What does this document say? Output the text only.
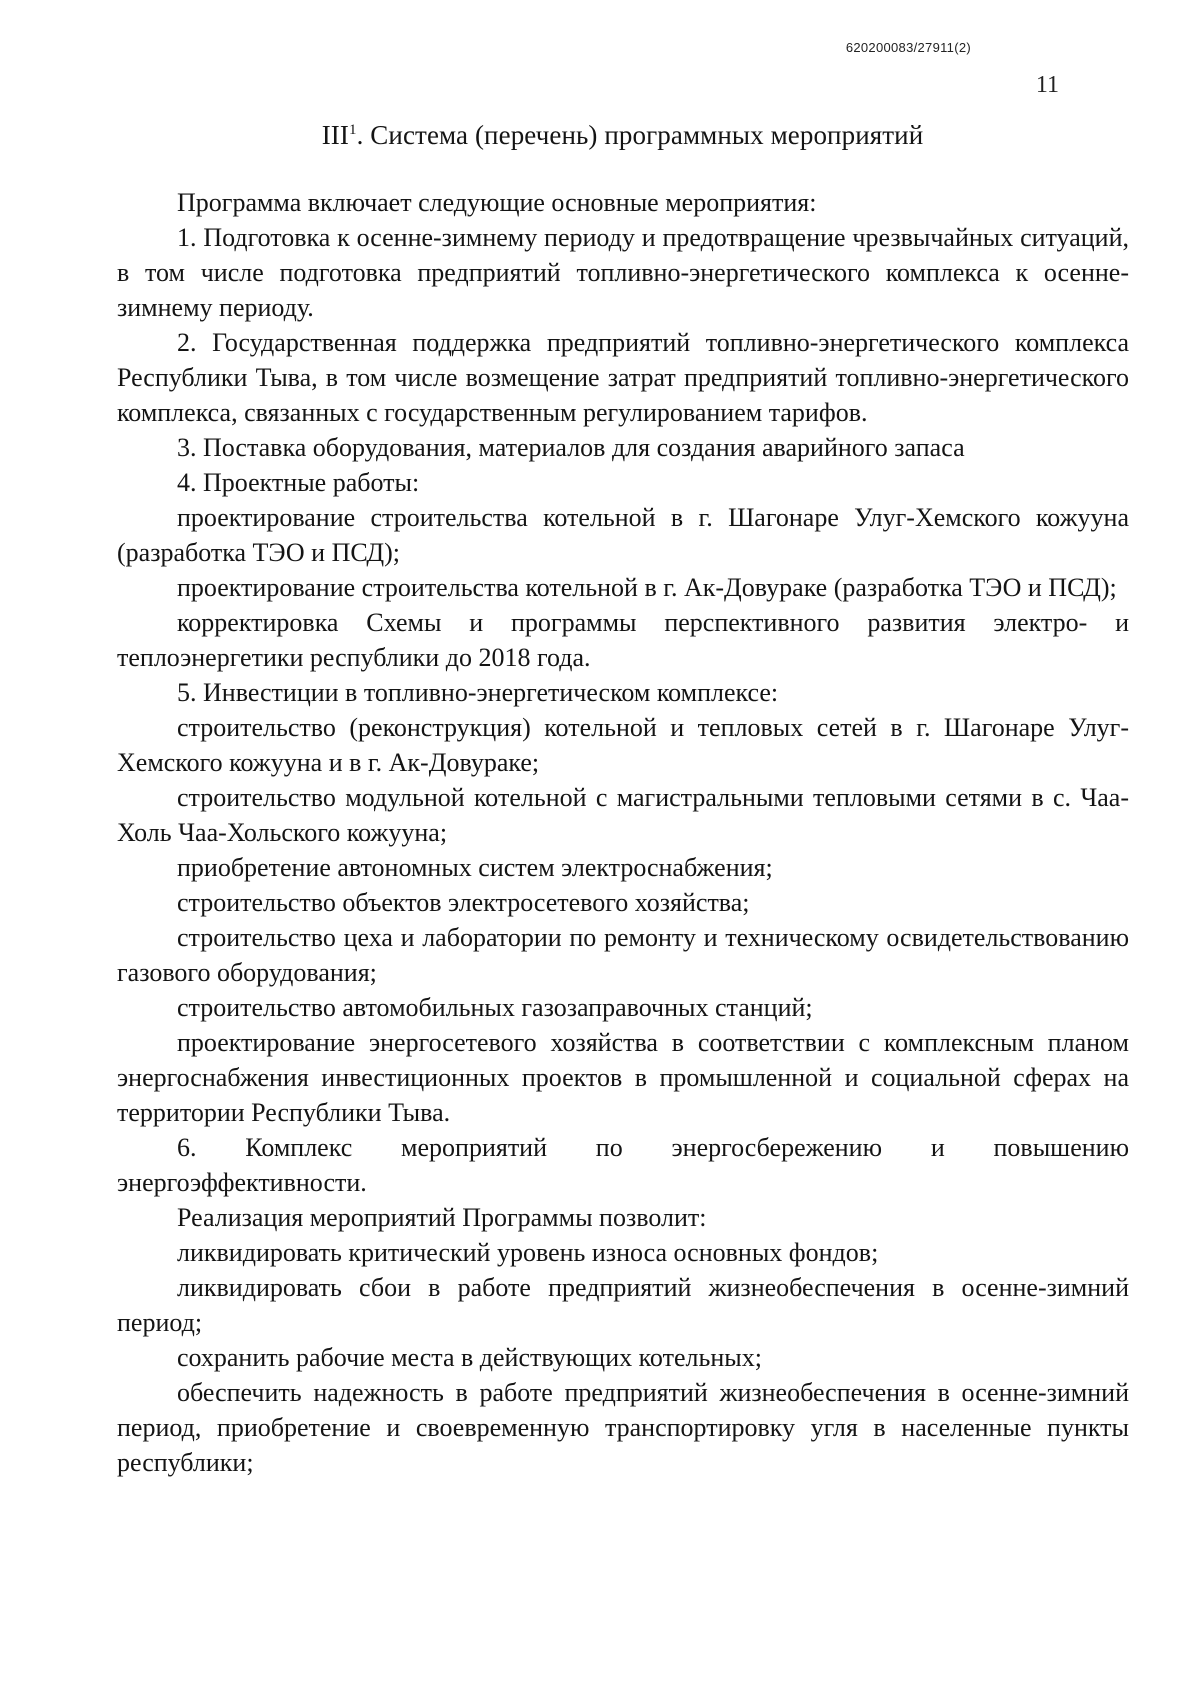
620200083/27911(2)
11
III$^1$. Система (перечень) программных мероприятий

Программа включает следующие основные мероприятия:

1. Подготовка к осенне-зимнему периоду и предотвращение чрезвычайных ситуаций, в том числе подготовка предприятий топливно-энергетического комплекса к осенне-зимнему периоду.

2. Государственная поддержка предприятий топливно-энергетического комплекса Республики Тыва, в том числе возмещение затрат предприятий топливно-энергетического комплекса, связанных с государственным регулированием тарифов.

3. Поставка оборудования, материалов для создания аварийного запаса

4. Проектные работы:

проектирование строительства котельной в г. Шагонаре Улуг-Хемского кожууна (разработка ТЭО и ПСД);

проектирование строительства котельной в г. Ак-Довураке (разработка ТЭО и ПСД);

корректировка Схемы и программы перспективного развития электро- и теплоэнергетики республики до 2018 года.

5. Инвестиции в топливно-энергетическом комплексе:

строительство (реконструкция) котельной и тепловых сетей в г. Шагонаре Улуг-Хемского кожууна и в г. Ак-Довураке;

строительство модульной котельной с магистральными тепловыми сетями в с. Чаа-Холь Чаа-Хольского кожууна;

приобретение автономных систем электроснабжения;

строительство объектов электросетевого хозяйства;

строительство цеха и лаборатории по ремонту и техническому освидетельствованию газового оборудования;

строительство автомобильных газозаправочных станций;

проектирование энергосетевого хозяйства в соответствии с комплексным планом энергоснабжения инвестиционных проектов в промышленной и социальной сферах на территории Республики Тыва.

6. Комплекс мероприятий по энергосбережению и повышению энергоэффективности.

Реализация мероприятий Программы позволит:

ликвидировать критический уровень износа основных фондов;

ликвидировать сбои в работе предприятий жизнеобеспечения в осенне-зимний период;

сохранить рабочие места в действующих котельных;

обеспечить надежность в работе предприятий жизнеобеспечения в осенне-зимний период, приобретение и своевременную транспортировку угля в населенные пункты республики;
